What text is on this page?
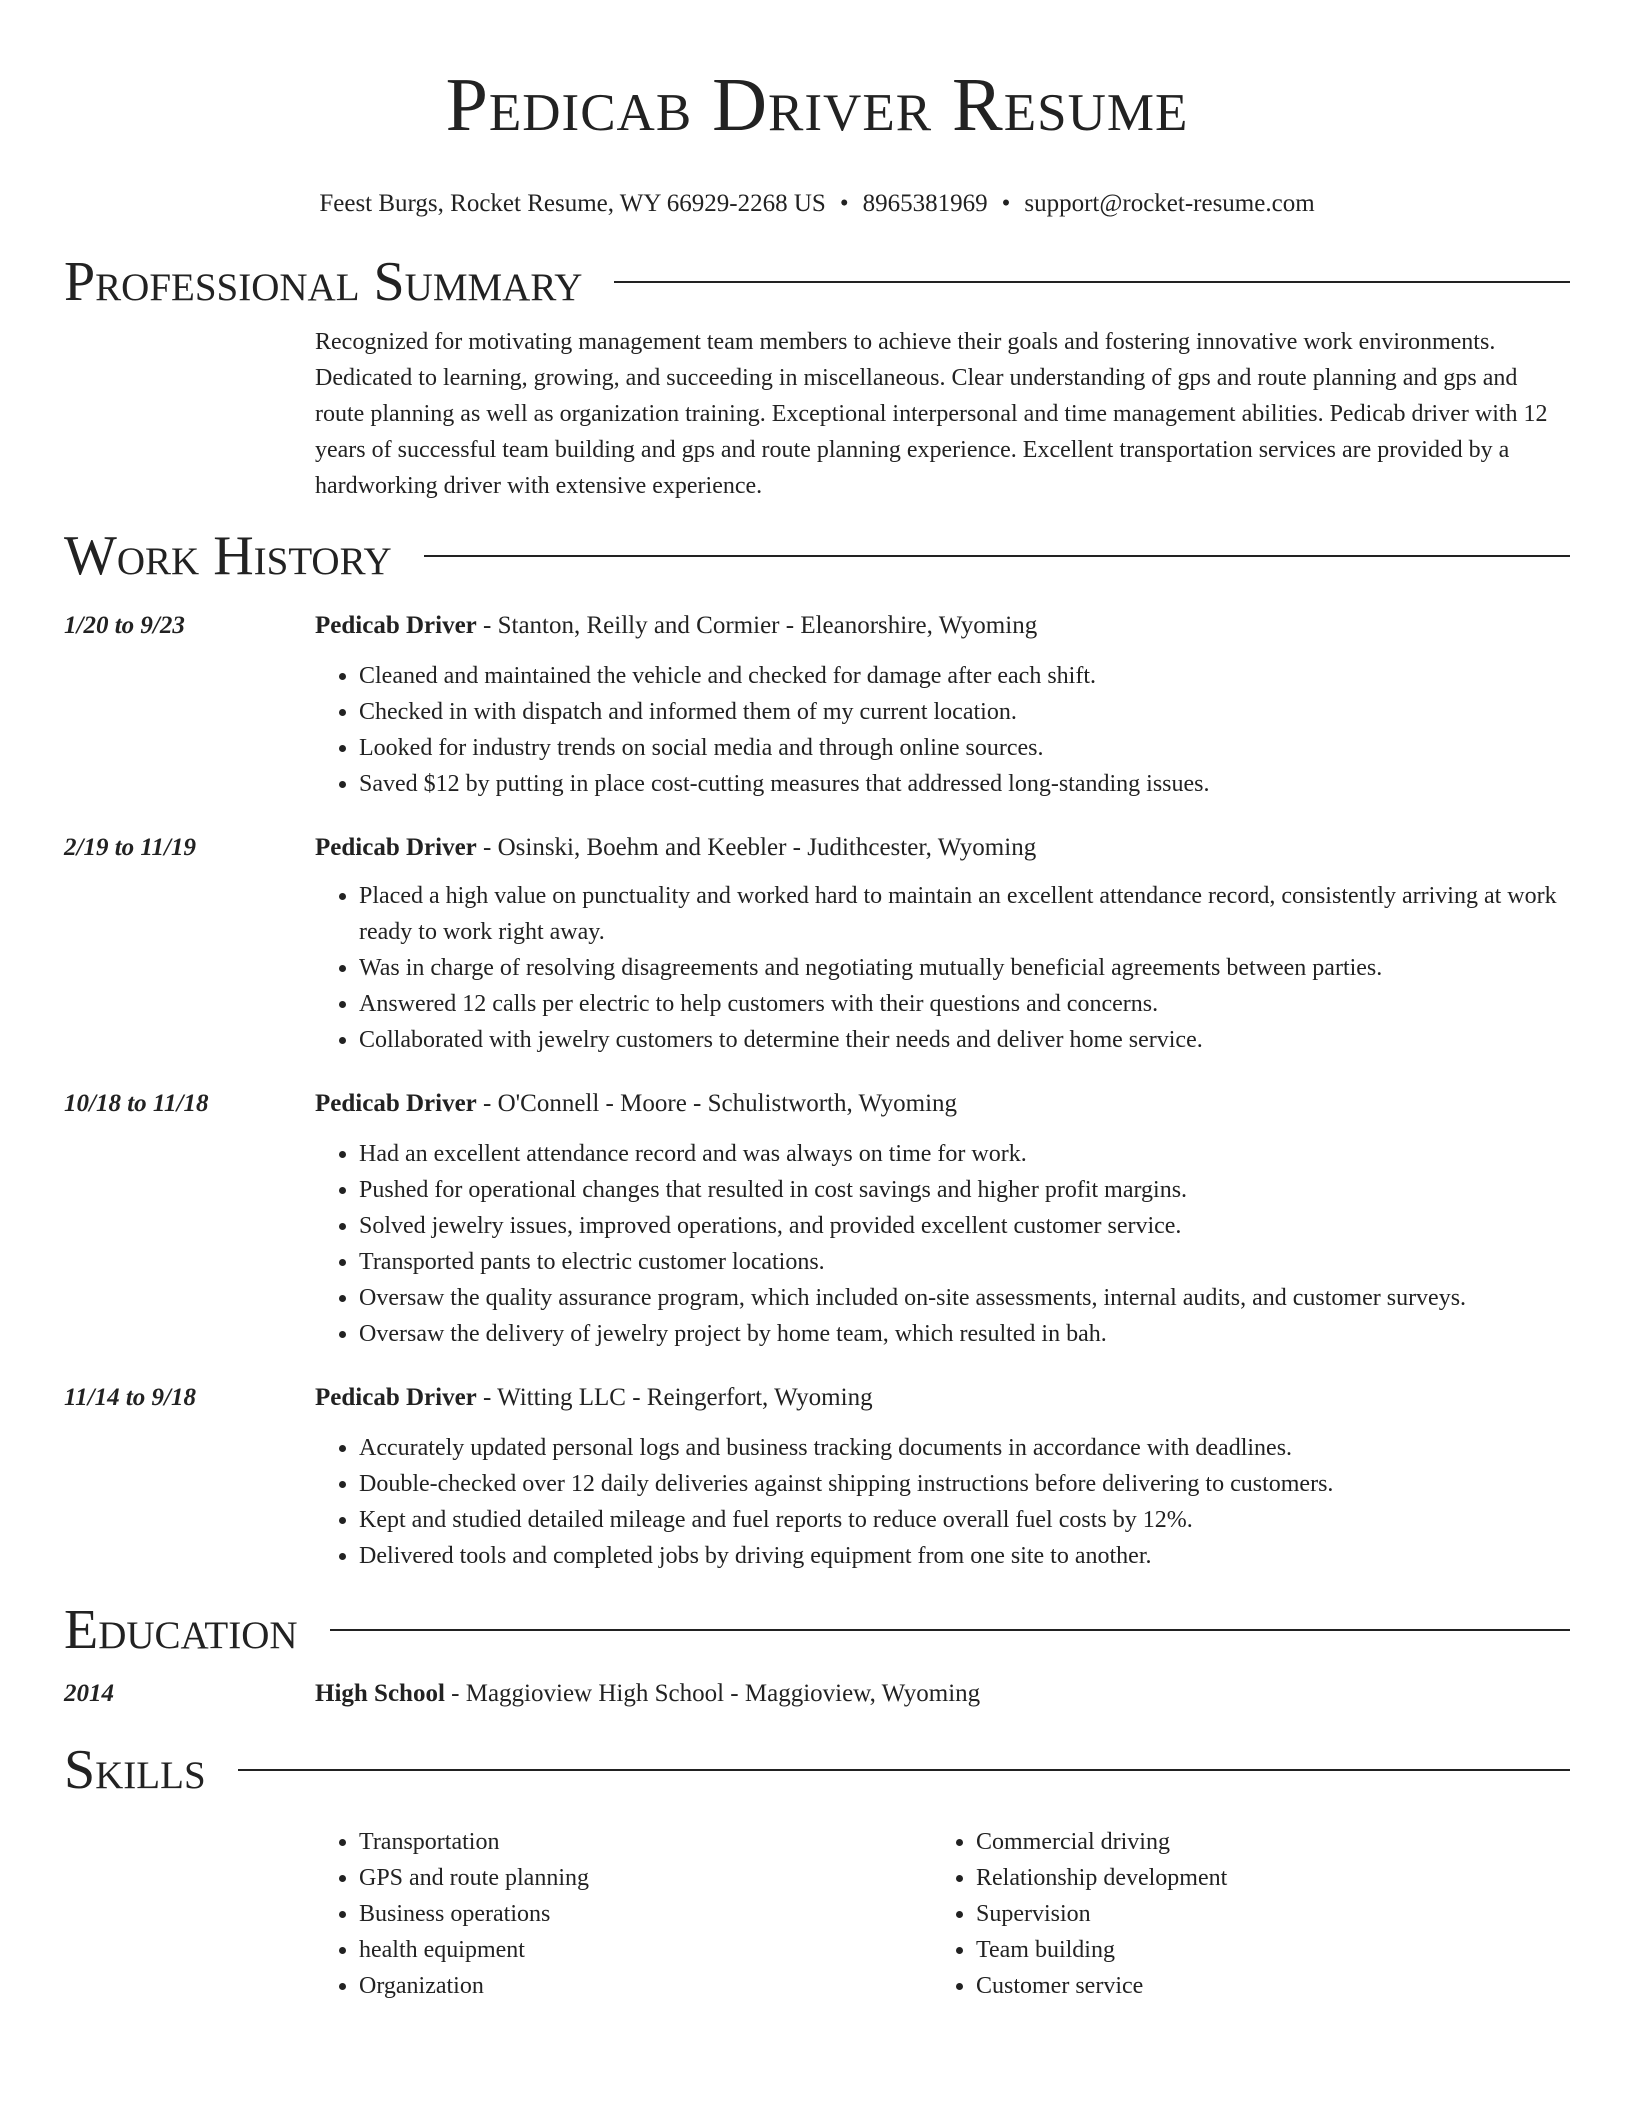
Pedicab Driver Resume
Feest Burgs, Rocket Resume, WY 66929-2268 US • 8965381969 • support@rocket-resume.com
Professional Summary
Recognized for motivating management team members to achieve their goals and fostering innovative work environments. Dedicated to learning, growing, and succeeding in miscellaneous. Clear understanding of gps and route planning and gps and route planning as well as organization training. Exceptional interpersonal and time management abilities. Pedicab driver with 12 years of successful team building and gps and route planning experience. Excellent transportation services are provided by a hardworking driver with extensive experience.
Work History
1/20 to 9/23	Pedicab Driver - Stanton, Reilly and Cormier - Eleanorshire, Wyoming
• Cleaned and maintained the vehicle and checked for damage after each shift.
• Checked in with dispatch and informed them of my current location.
• Looked for industry trends on social media and through online sources.
• Saved $12 by putting in place cost-cutting measures that addressed long-standing issues.
2/19 to 11/19	Pedicab Driver - Osinski, Boehm and Keebler - Judithcester, Wyoming
• Placed a high value on punctuality and worked hard to maintain an excellent attendance record, consistently arriving at work ready to work right away.
• Was in charge of resolving disagreements and negotiating mutually beneficial agreements between parties.
• Answered 12 calls per electric to help customers with their questions and concerns.
• Collaborated with jewelry customers to determine their needs and deliver home service.
10/18 to 11/18	Pedicab Driver - O'Connell - Moore - Schulistworth, Wyoming
• Had an excellent attendance record and was always on time for work.
• Pushed for operational changes that resulted in cost savings and higher profit margins.
• Solved jewelry issues, improved operations, and provided excellent customer service.
• Transported pants to electric customer locations.
• Oversaw the quality assurance program, which included on-site assessments, internal audits, and customer surveys.
• Oversaw the delivery of jewelry project by home team, which resulted in bah.
11/14 to 9/18	Pedicab Driver - Witting LLC - Reingerfort, Wyoming
• Accurately updated personal logs and business tracking documents in accordance with deadlines.
• Double-checked over 12 daily deliveries against shipping instructions before delivering to customers.
• Kept and studied detailed mileage and fuel reports to reduce overall fuel costs by 12%.
• Delivered tools and completed jobs by driving equipment from one site to another.
Education
2014	High School - Maggioview High School - Maggioview, Wyoming
Skills
• Transportation
• GPS and route planning
• Business operations
• health equipment
• Organization
• Commercial driving
• Relationship development
• Supervision
• Team building
• Customer service
